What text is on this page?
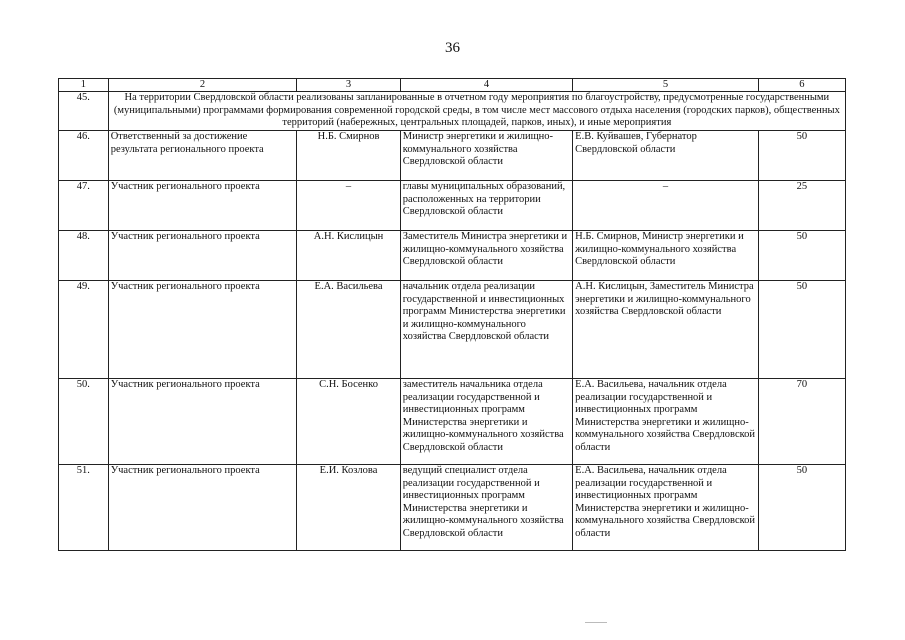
36
1	2	3	4	5	6
45.	На территории Свердловской области реализованы запланированные в отчетном году мероприятия по благоустройству, предусмотренные государственными (муниципальными) программами формирования современной городской среды, в том числе мест массового отдыха населения (городских парков), общественных территорий (набережных, центральных площадей, парков, иных), и иные мероприятия				
46.	Ответственный за достижение результата регионального проекта	Н.Б. Смирнов	Министр энергетики и жилищно-коммунального хозяйства Свердловской области	Е.В. Куйвашев, Губернатор Свердловской области	50
47.	Участник регионального проекта	–	главы муниципальных образований, расположенных на территории Свердловской области	–	25
48.	Участник регионального проекта	А.Н. Кислицын	Заместитель Министра энергетики и жилищно-коммунального хозяйства Свердловской области	Н.Б. Смирнов, Министр энергетики и жилищно-коммунального хозяйства Свердловской области	50
49.	Участник регионального проекта	Е.А. Васильева	начальник отдела реализации государственной и инвестиционных программ Министерства энергетики и жилищно-коммунального хозяйства Свердловской области	А.Н. Кислицын, Заместитель Министра энергетики и жилищно-коммунального хозяйства Свердловской области	50
50.	Участник регионального проекта	С.Н. Босенко	заместитель начальника отдела реализации государственной и инвестиционных программ Министерства энергетики и жилищно-коммунального хозяйства Свердловской области	Е.А. Васильева, начальник отдела реализации государственной и инвестиционных программ Министерства энергетики и жилищно-коммунального хозяйства Свердловской области	70
51.	Участник регионального проекта	Е.И. Козлова	ведущий специалист отдела реализации государственной и инвестиционных программ Министерства энергетики и жилищно-коммунального хозяйства Свердловской области	Е.А. Васильева, начальник отдела реализации государственной и инвестиционных программ Министерства энергетики и жилищно-коммунального хозяйства Свердловской области	50
